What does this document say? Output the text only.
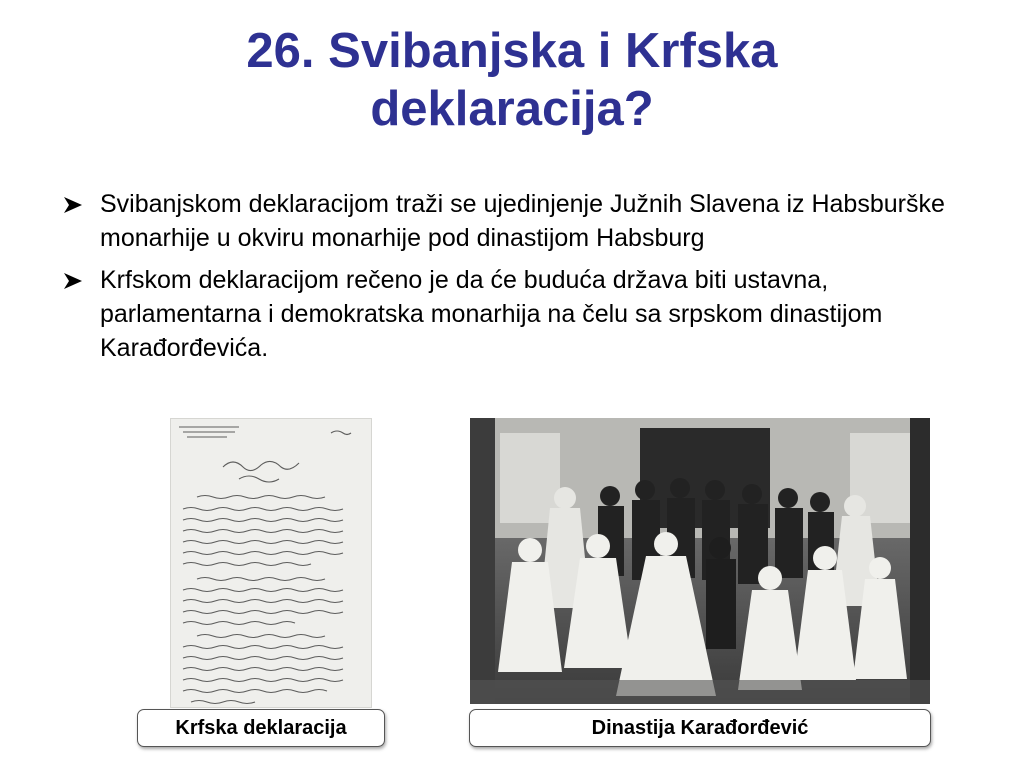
26. Svibanjska i Krfska
deklaracija?
Svibanjskom deklaracijom traži se ujedinjenje Južnih Slavena iz Habsburške monarhije u okviru monarhije pod dinastijom Habsburg
Krfskom deklaracijom rečeno je da će buduća država biti ustavna, parlamentarna i demokratska monarhija na čelu sa srpskom dinastijom Karađorđevića.
Krfska deklaracija	Dinastija Karađorđević
